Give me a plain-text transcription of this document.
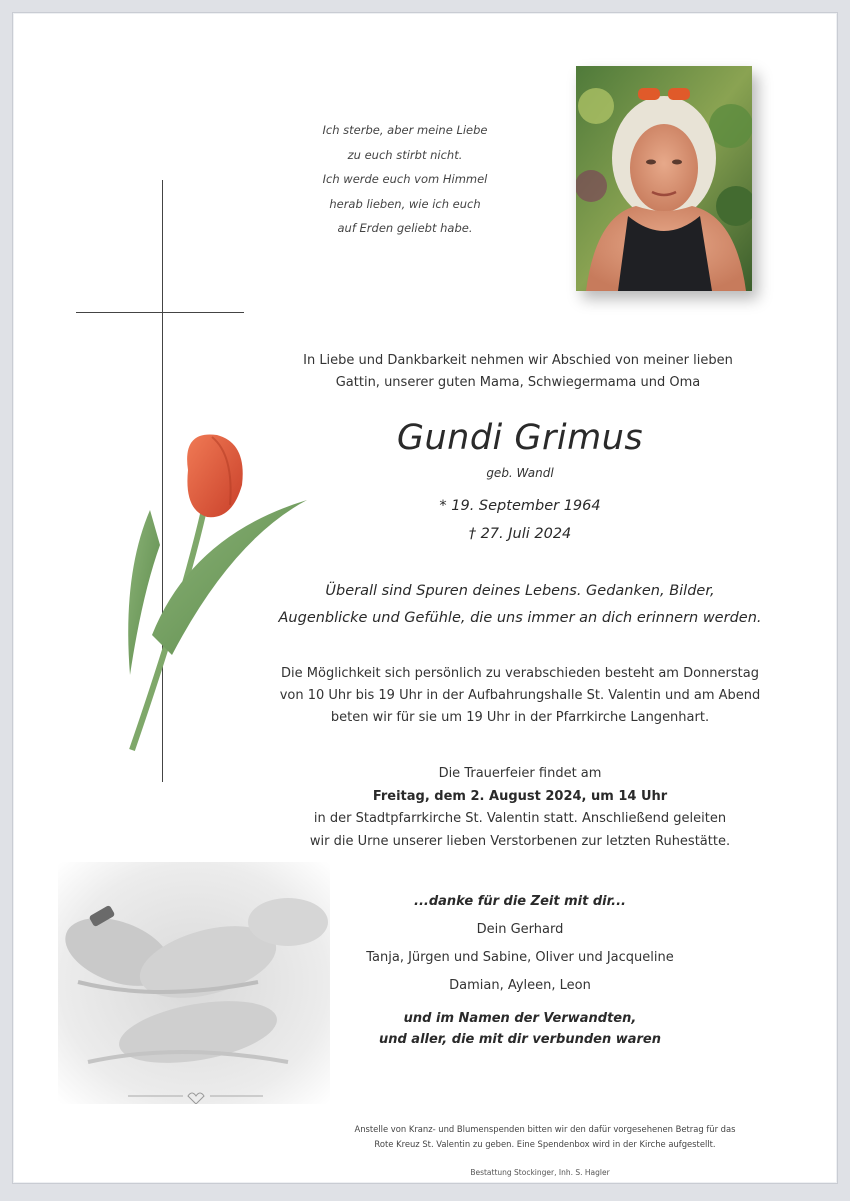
Ich sterbe, aber meine Liebe
zu euch stirbt nicht.
Ich werde euch vom Himmel
herab lieben, wie ich euch
auf Erden geliebt habe.
In Liebe und Dankbarkeit nehmen wir Abschied von meiner lieben
Gattin, unserer guten Mama, Schwiegermama und Oma
Gundi Grimus
geb. Wandl
* 19. September 1964
† 27. Juli 2024
Überall sind Spuren deines Lebens. Gedanken, Bilder,
Augenblicke und Gefühle, die uns immer an dich erinnern werden.
Die Möglichkeit sich persönlich zu verabschieden besteht am Donnerstag
von 10 Uhr bis 19 Uhr in der Aufbahrungshalle St. Valentin und am Abend
beten wir für sie um 19 Uhr in der Pfarrkirche Langenhart.
Die Trauerfeier findet am
Freitag, dem 2. August 2024, um 14 Uhr
in der Stadtpfarrkirche St. Valentin statt. Anschließend geleiten
wir die Urne unserer lieben Verstorbenen zur letzten Ruhestätte.
...danke für die Zeit mit dir...
Dein Gerhard
Tanja, Jürgen und Sabine, Oliver und Jacqueline
Damian, Ayleen, Leon
und im Namen der Verwandten,
und aller, die mit dir verbunden waren
Anstelle von Kranz- und Blumenspenden bitten wir den dafür vorgesehenen Betrag für das
Rote Kreuz St. Valentin zu geben. Eine Spendenbox wird in der Kirche aufgestellt.
Bestattung Stockinger, Inh. S. Hagler
